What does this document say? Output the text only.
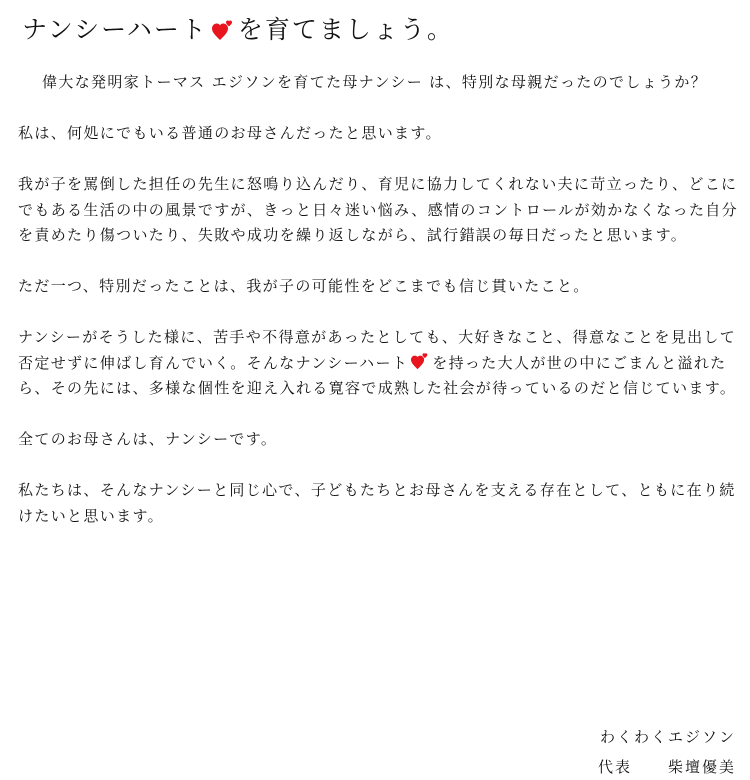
ナンシーハート を育てましょう。

偉大な発明家トーマス エジソンを育てた母ナンシー は、特別な母親だったのでしょうか？

私は、何処にでもいる普通のお母さんだったと思います。

我が子を罵倒した担任の先生に怒鳴り込んだり、育児に協力してくれない夫に苛立ったり、どこにでもある生活の中の風景ですが、きっと日々迷い悩み、感情のコントロールが効かなくなった自分を責めたり傷ついたり、失敗や成功を繰り返しながら、試行錯誤の毎日だったと思います。

ただ一つ、特別だったことは、我が子の可能性をどこまでも信じ貫いたこと。

ナンシーがそうした様に、苦手や不得意があったとしても、大好きなこと、得意なことを見出して否定せずに伸ばし育んでいく。そんなナンシーハート を持った大人が世の中にごまんと溢れたら、その先には、多様な個性を迎え入れる寛容で成熟した社会が待っているのだと信じています。

全てのお母さんは、ナンシーです。

私たちは、そんなナンシーと同じ心で、子どもたちとお母さんを支える存在として、ともに在り続けたいと思います。

わくわくエジソン
代表 柴壇優美
